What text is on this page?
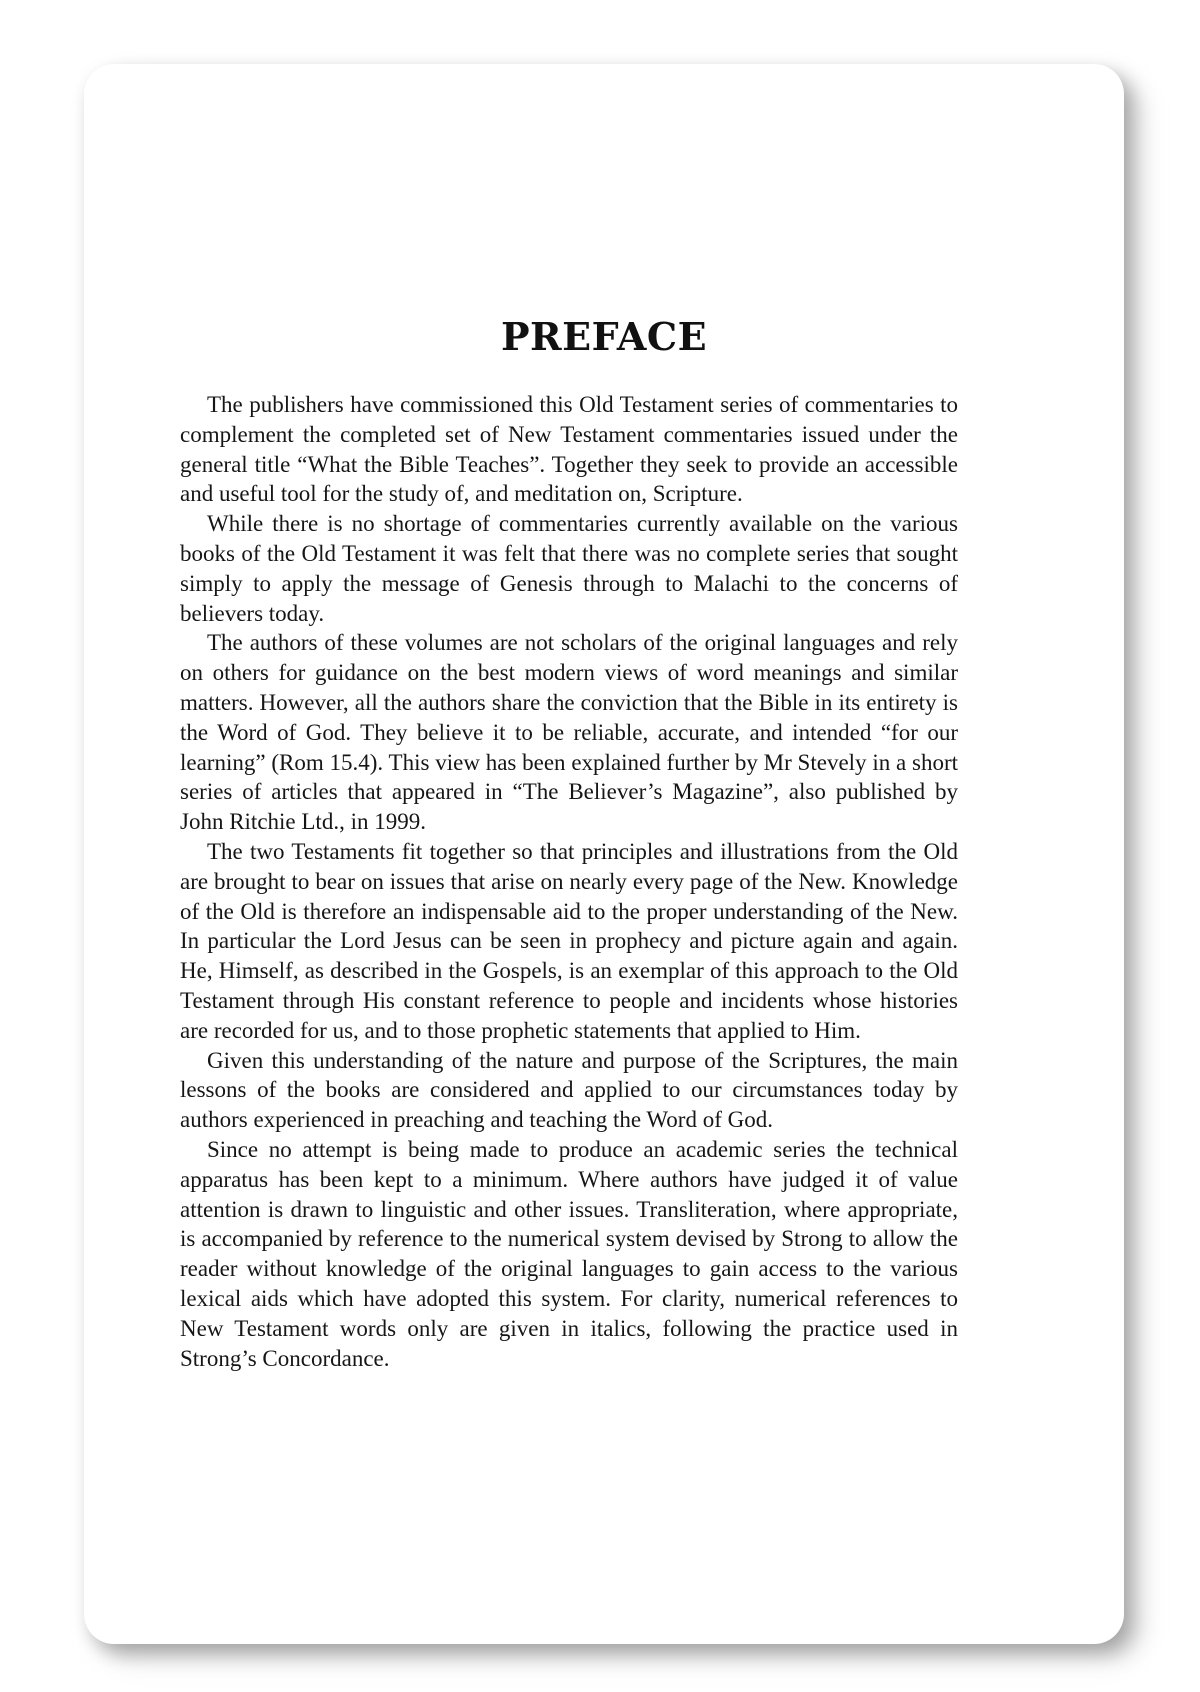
PREFACE

The publishers have commissioned this Old Testament series of commentaries to complement the completed set of New Testament commentaries issued under the general title “What the Bible Teaches”. Together they seek to provide an accessible and useful tool for the study of, and meditation on, Scripture.

While there is no shortage of commentaries currently available on the various books of the Old Testament it was felt that there was no complete series that sought simply to apply the message of Genesis through to Malachi to the concerns of believers today.

The authors of these volumes are not scholars of the original languages and rely on others for guidance on the best modern views of word meanings and similar matters. However, all the authors share the conviction that the Bible in its entirety is the Word of God. They believe it to be reliable, accurate, and intended “for our learning” (Rom 15.4). This view has been explained further by Mr Stevely in a short series of articles that appeared in “The Believer’s Magazine”, also published by John Ritchie Ltd., in 1999.

The two Testaments fit together so that principles and illustrations from the Old are brought to bear on issues that arise on nearly every page of the New. Knowledge of the Old is therefore an indispensable aid to the proper understanding of the New. In particular the Lord Jesus can be seen in prophecy and picture again and again. He, Himself, as described in the Gospels, is an exemplar of this approach to the Old Testament through His constant reference to people and incidents whose histories are recorded for us, and to those prophetic statements that applied to Him.

Given this understanding of the nature and purpose of the Scriptures, the main lessons of the books are considered and applied to our circumstances today by authors experienced in preaching and teaching the Word of God.

Since no attempt is being made to produce an academic series the technical apparatus has been kept to a minimum. Where authors have judged it of value attention is drawn to linguistic and other issues. Transliteration, where appropriate, is accompanied by reference to the numerical system devised by Strong to allow the reader without knowledge of the original languages to gain access to the various lexical aids which have adopted this system. For clarity, numerical references to New Testament words only are given in italics, following the practice used in Strong’s Concordance.
